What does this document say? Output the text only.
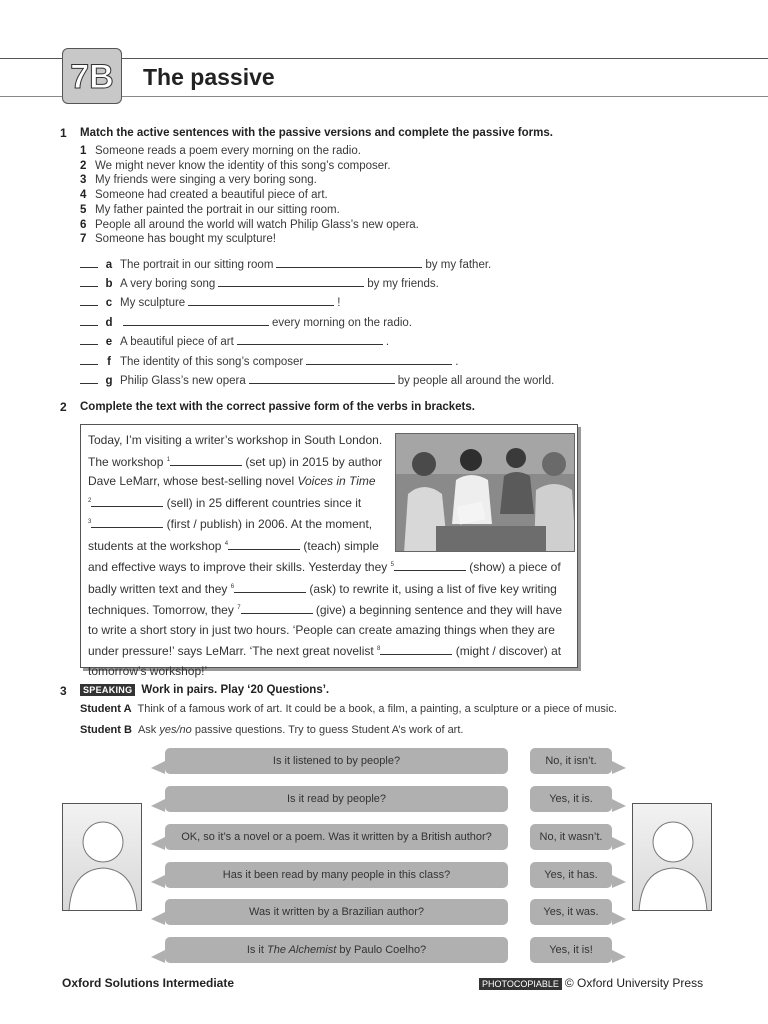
7B	The passive
1 Match the active sentences with the passive versions and complete the passive forms.
1 Someone reads a poem every morning on the radio.
2 We might never know the identity of this song’s composer.
3 My friends were singing a very boring song.
4 Someone had created a beautiful piece of art.
5 My father painted the portrait in our sitting room.
6 People all around the world will watch Philip Glass’s new opera.
7 Someone has bought my sculpture!
a The portrait in our sitting room	by my father.
b A very boring song	by my friends.
c My sculpture	!
d	every morning on the radio.
e A beautiful piece of art	.
f The identity of this song’s composer	.
g Philip Glass’s new opera	by people all around the world.
2 Complete the text with the correct passive form of the verbs in brackets.
Today, I’m visiting a writer’s workshop in South London. The workshop $^1$	(set up) in 2015 by author Dave LeMarr, whose best-selling novel Voices in Time
$^2$	(sell) in 25 different countries since it
$^3$	(first / publish) in 2006. At the moment, students at the workshop $^4$	(teach) simple and effective ways to improve their skills. Yesterday they $^5$	(show) a piece of badly written text and they $^6$	(ask) to rewrite it, using a list of five key writing techniques. Tomorrow, they $^7$	(give) a beginning sentence and they will have to write a short story in just two hours. ‘People can create amazing things when they are under pressure!’ says LeMarr. ‘The next great novelist $^8$	(might / discover) at tomorrow’s workshop!’
3	SPEAKING Work in pairs. Play ‘20 Questions’.
Student A Think of a famous work of art. It could be a book, a film, a painting, a sculpture or a piece of music.
Student B Ask yes/no passive questions. Try to guess Student A’s work of art.
Is it listened to by people?	No, it isn’t.
Is it read by people?	Yes, it is.
OK, so it’s a novel or a poem. Was it written by a British author?	No, it wasn’t.
Has it been read by many people in this class?	Yes, it has.
Was it written by a Brazilian author?	Yes, it was.
Is it The Alchemist by Paulo Coelho?	Yes, it is!
Oxford Solutions Intermediate	PHOTOCOPIABLE © Oxford University Press
